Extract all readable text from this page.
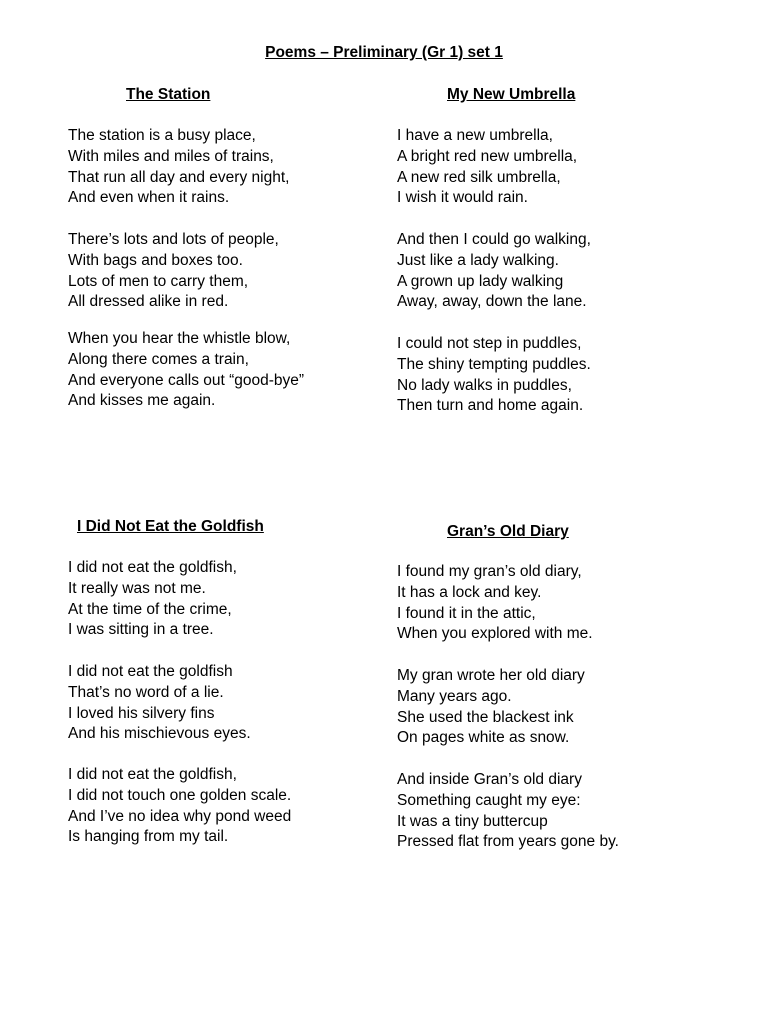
Poems – Preliminary (Gr 1) set 1
The Station
The station is a busy place,
With miles and miles of trains,
That run all day and every night,
And even when it rains.
There’s lots and lots of people,
With bags and boxes too.
Lots of men to carry them,
All dressed alike in red.
When you hear the whistle blow,
Along there comes a train,
And everyone calls out “good-bye”
And kisses me again.
My New Umbrella
I have a new umbrella,
A bright red new umbrella,
A new red silk umbrella,
I wish it would rain.
And then I could go walking,
Just like a lady walking.
A grown up lady walking
Away, away, down the lane.
I could not step in puddles,
The shiny tempting puddles.
No lady walks in puddles,
Then turn and home again.
I Did Not Eat the Goldfish
I did not eat the goldfish,
It really was not me.
At the time of the crime,
I was sitting in a tree.
I did not eat the goldfish
That’s no word of a lie.
I loved his silvery fins
And his mischievous eyes.
I did not eat the goldfish,
I did not touch one golden scale.
And I’ve no idea why pond weed
Is hanging from my tail.
Gran’s Old Diary
I found my gran’s old diary,
It has a lock and key.
I found it in the attic,
When you explored with me.
My gran wrote her old diary
Many years ago.
She used the blackest ink
On pages white as snow.
And inside Gran’s old diary
Something caught my eye:
It was a tiny buttercup
Pressed flat from years gone by.
